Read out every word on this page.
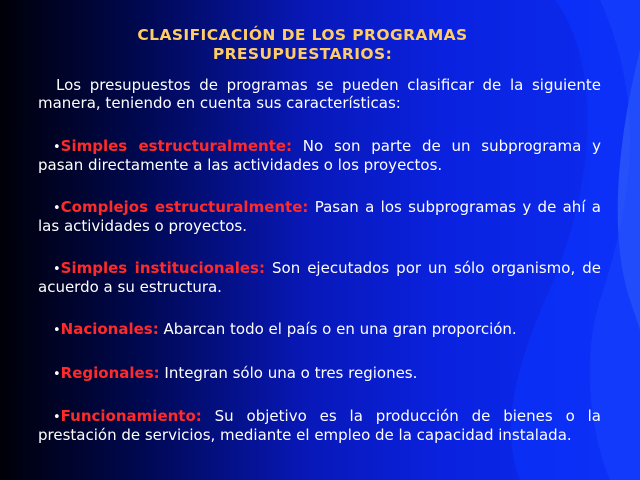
CLASIFICACIÓN DE LOS PROGRAMAS
PRESUPUESTARIOS:

Los presupuestos de programas se pueden clasificar de la siguiente manera, teniendo en cuenta sus características:

•Simples estructuralmente: No son parte de un subprograma y pasan directamente a las actividades o los proyectos.

•Complejos estructuralmente: Pasan a los subprogramas y de ahí a las actividades o proyectos.

•Simples institucionales: Son ejecutados por un sólo organismo, de acuerdo a su estructura.

•Nacionales: Abarcan todo el país o en una gran proporción.

•Regionales: Integran sólo una o tres regiones.

•Funcionamiento: Su objetivo es la producción de bienes o la prestación de servicios, mediante el empleo de la capacidad instalada.
